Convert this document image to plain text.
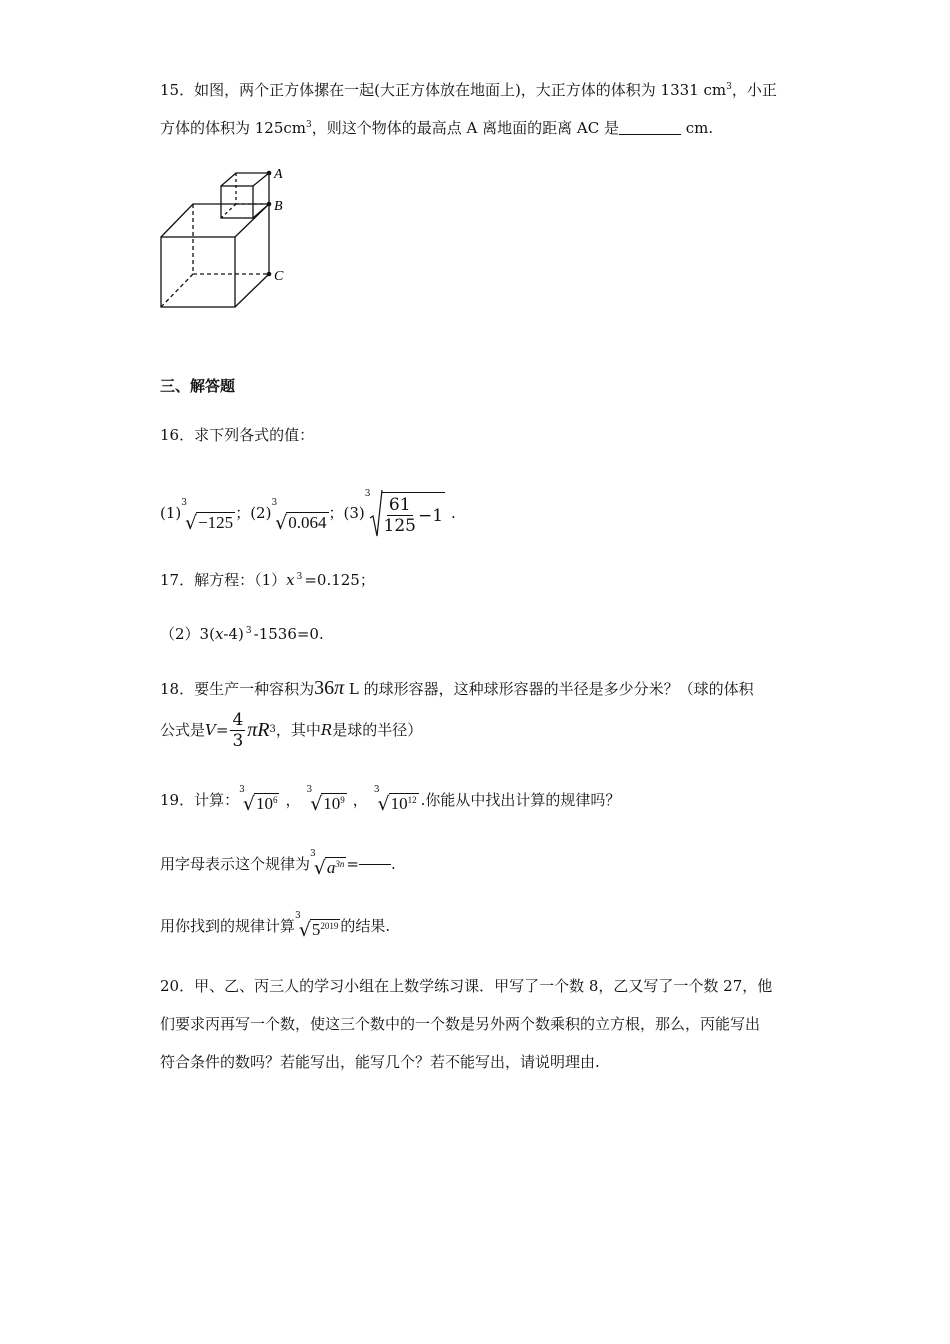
15．如图，两个正方体摞在一起(大正方体放在地面上)，大正方体的体积为 1331 $cm^3$，小正
方体的体积为 $125cm^3$，则这个物体的最高点 A 离地面的距离 AC 是	cm.
A
B
C
三、解答题
16．求下列各式的值：
(1)
3
√ −125 ；(2)
3
√ 0.064 ；(3)
3
$\frac{61}{125} -1$ .
17．解方程：（1）x $^3$ =0.125；
（2）3(x-4) $^3$ -1536=0.
18．要生产一种容积为36π L 的球形容器，这种球形容器的半径是多少分米？（球的体积
公式是 $V = \frac{4}{3}$ π R 3 ，其中 R 是球的半径）
19．计算：
3
√ $10^6$ ，
3
√ $10^9$ ，
3
√ $10^{12}$ .你能从中找出计算的规律吗？
用字母表示这个规律为
3
√ $a^{3n}$ = .
用你找到的规律计算
3
√ $5^{2019}$ 的结果.
20．甲、乙、丙三人的学习小组在上数学练习课．甲写了一个数 8，乙又写了一个数 27，他
们要求丙再写一个数，使这三个数中的一个数是另外两个数乘积的立方根，那么，丙能写出
符合条件的数吗？若能写出，能写几个？若不能写出，请说明理由.
